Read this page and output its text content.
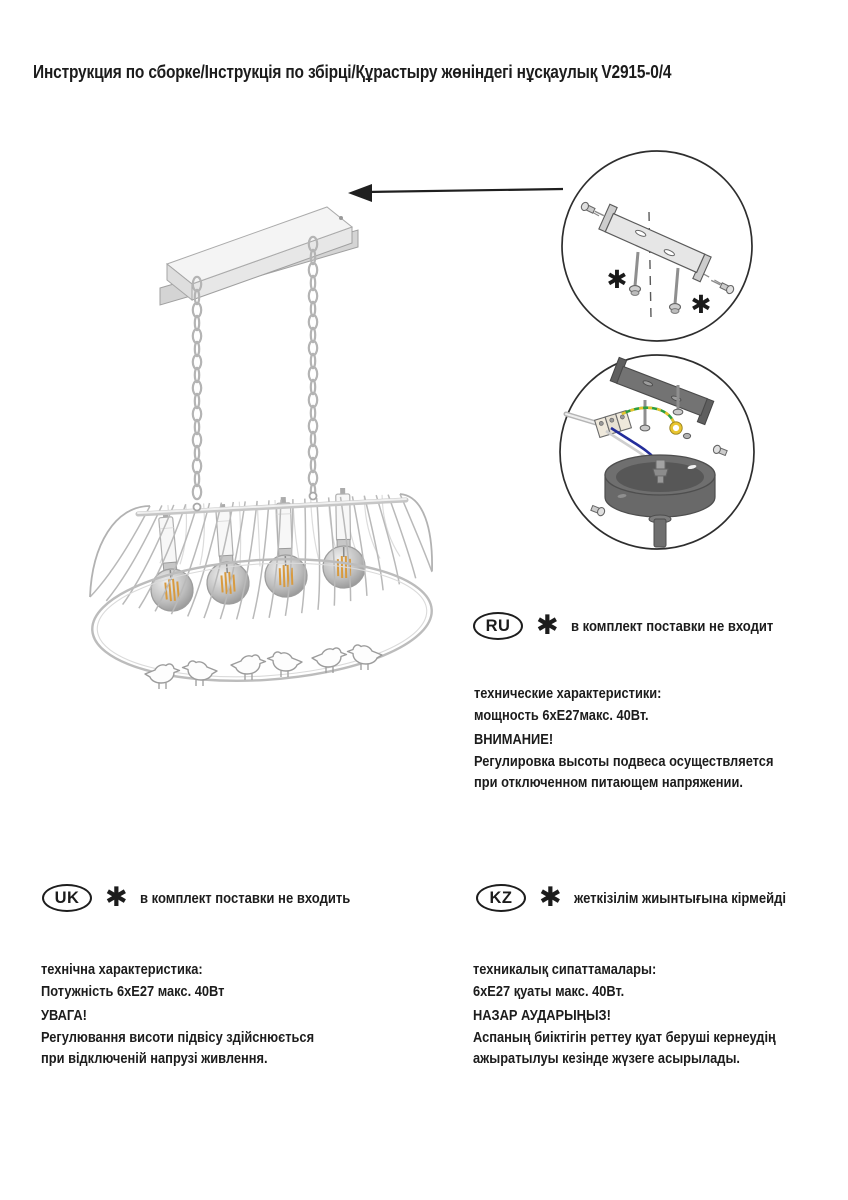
Инструкция по сборке/Інструкція по збірці/Құрастыру жөніндегі нұсқаулық V2915-0/4
✱
✱
RU ✱ в комплект поставки не входит
технические характеристики:
мощность 6хЕ27макс. 40Вт.
ВНИМАНИЕ!
Регулировка высоты подвеса осуществляется
при отключенном питающем напряжении.
UK ✱ в комплект поставки не входить
технічна характеристика:
Потужність 6хЕ27 макс. 40Вт
УВАГА!
Регулювання висоти підвісу здійснюється
при відключеній напрузі живлення.
KZ ✱ жеткізілім жиынтығына кірмейді
техникалық сипаттамалары:
6хЕ27 қуаты макс. 40Вт.
НАЗАР АУДАРЫҢЫЗ!
Аспаның биіктігін реттеу қуат беруші кернеудің
ажыратылуы кезінде жүзеге асырылады.
